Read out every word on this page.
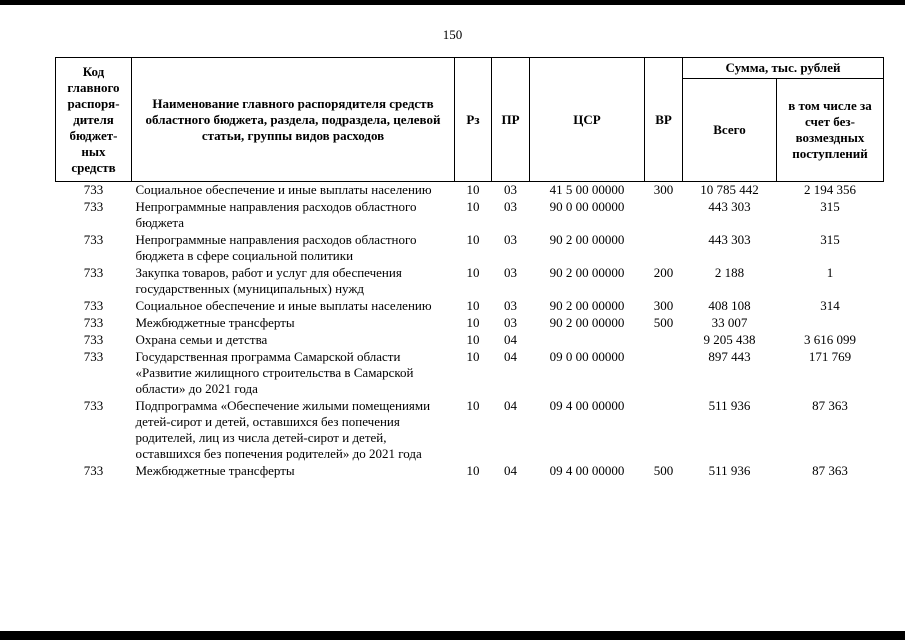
150
Код главного распоря-дителя бюджет-ных средств	Наименование главного распорядителя средств областного бюджета, раздела, подраздела, целевой статьи, группы видов расходов	Рз	ПР	ЦСР	ВР	Сумма, тыс. рублей	
						Всего	в том числе за счет без-возмездных поступлений
733	Социальное обеспечение и иные выплаты населению	10	03	41 5 00 00000	300	10 785 442	2 194 356
733	Непрограммные направления расходов областного бюджета	10	03	90 0 00 00000		443 303	315
733	Непрограммные направления расходов областного бюджета в сфере социальной политики	10	03	90 2 00 00000		443 303	315
733	Закупка товаров, работ и услуг для обеспечения государственных (муниципальных) нужд	10	03	90 2 00 00000	200	2 188	1
733	Социальное обеспечение и иные выплаты населению	10	03	90 2 00 00000	300	408 108	314
733	Межбюджетные трансферты	10	03	90 2 00 00000	500	33 007	
733	Охрана семьи и детства	10	04			9 205 438	3 616 099
733	Государственная программа Самарской области «Развитие жилищного строительства в Самарской области» до 2021 года	10	04	09 0 00 00000		897 443	171 769
733	Подпрограмма «Обеспечение жилыми помещениями детей-сирот и детей, оставшихся без попечения родителей, лиц из числа детей-сирот и детей, оставшихся без попечения родителей» до 2021 года	10	04	09 4 00 00000		511 936	87 363
733	Межбюджетные трансферты	10	04	09 4 00 00000	500	511 936	87 363
